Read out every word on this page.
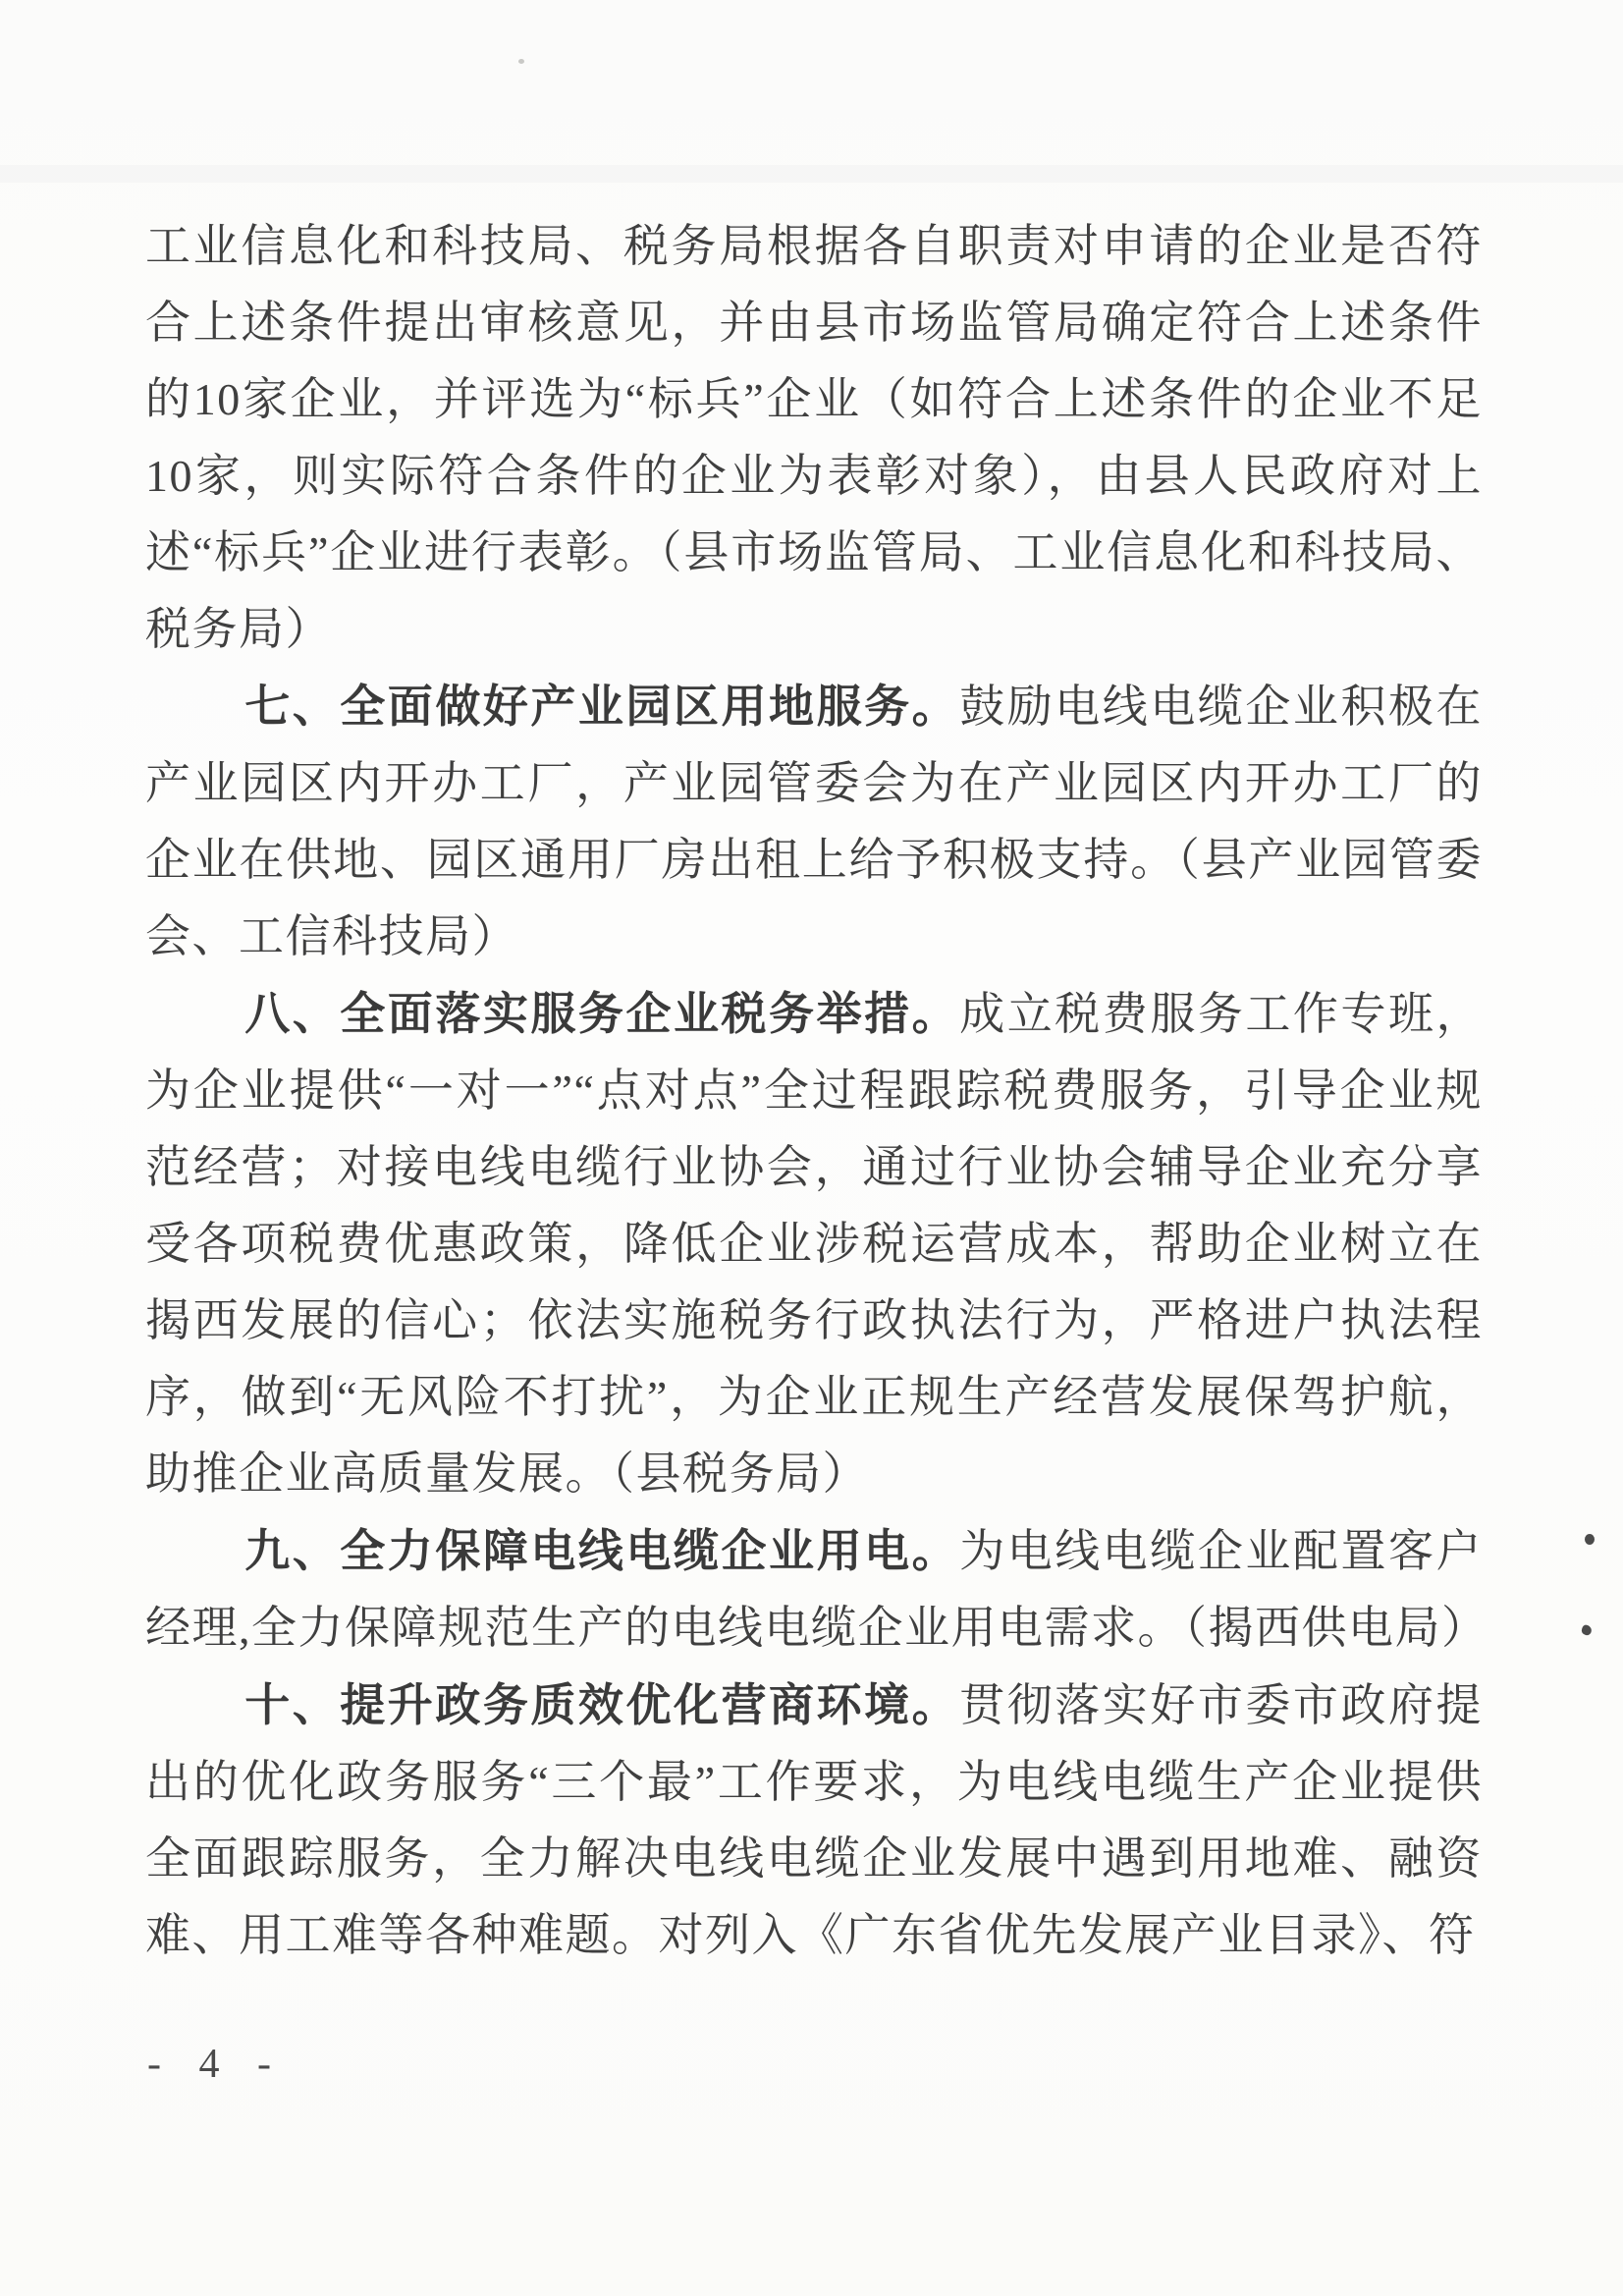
工业信息化和科技局、税务局根据各自职责对申请的企业是否符合上述条件提出审核意见，并由县市场监管局确定符合上述条件的10家企业，并评选为“标兵”企业（如符合上述条件的企业不足10家，则实际符合条件的企业为表彰对象），由县人民政府对上述“标兵”企业进行表彰。（县市场监管局、工业信息化和科技局、税务局）

七、全面做好产业园区用地服务。鼓励电线电缆企业积极在产业园区内开办工厂，产业园管委会为在产业园区内开办工厂的企业在供地、园区通用厂房出租上给予积极支持。（县产业园管委会、工信科技局）

八、全面落实服务企业税务举措。成立税费服务工作专班，为企业提供“一对一”“点对点”全过程跟踪税费服务，引导企业规范经营；对接电线电缆行业协会，通过行业协会辅导企业充分享受各项税费优惠政策，降低企业涉税运营成本，帮助企业树立在揭西发展的信心；依法实施税务行政执法行为，严格进户执法程序，做到“无风险不打扰”，为企业正规生产经营发展保驾护航，助推企业高质量发展。（县税务局）

九、全力保障电线电缆企业用电。为电线电缆企业配置客户经理,全力保障规范生产的电线电缆企业用电需求。（揭西供电局）

十、提升政务质效优化营商环境。贯彻落实好市委市政府提出的优化政务服务“三个最”工作要求，为电线电缆生产企业提供全面跟踪服务，全力解决电线电缆企业发展中遇到用地难、融资难、用工难等各种难题。对列入《广东省优先发展产业目录》、符

- 4 -
